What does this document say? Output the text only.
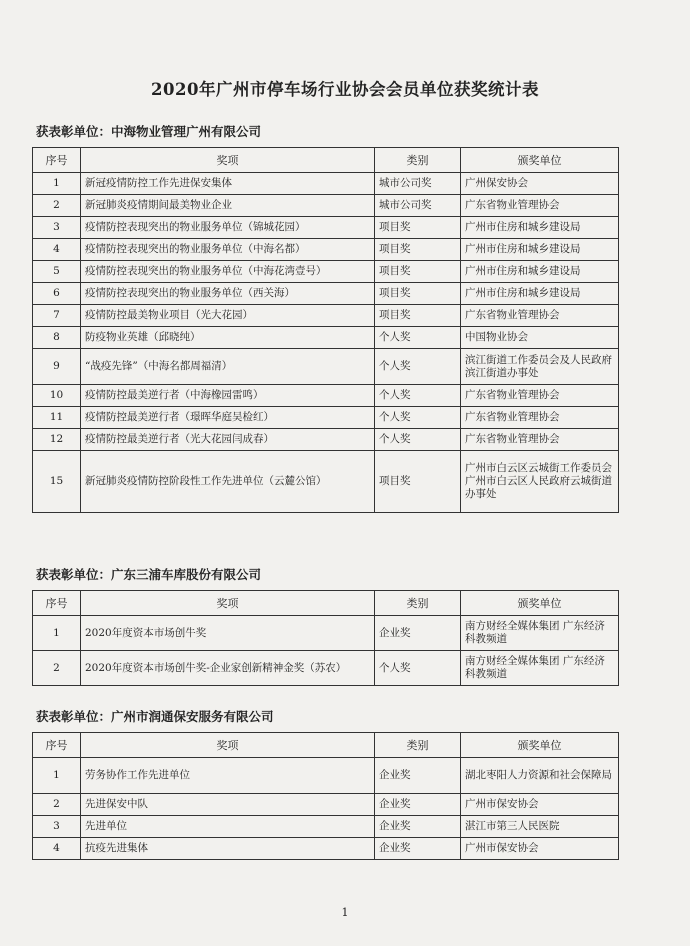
2020年广州市停车场行业协会会员单位获奖统计表
获表彰单位：中海物业管理广州有限公司
序号	奖项	类别	颁奖单位
1	新冠疫情防控工作先进保安集体	城市公司奖	广州保安协会
2	新冠肺炎疫情期间最美物业企业	城市公司奖	广东省物业管理协会
3	疫情防控表现突出的物业服务单位（锦城花园）	项目奖	广州市住房和城乡建设局
4	疫情防控表现突出的物业服务单位（中海名都）	项目奖	广州市住房和城乡建设局
5	疫情防控表现突出的物业服务单位（中海花湾壹号）	项目奖	广州市住房和城乡建设局
6	疫情防控表现突出的物业服务单位（西关海）	项目奖	广州市住房和城乡建设局
7	疫情防控最美物业项目（光大花园）	项目奖	广东省物业管理协会
8	防疫物业英雄（邱晓纯）	个人奖	中国物业协会
9	“战疫先锋”（中海名都周福清）	个人奖	滨江街道工作委员会及人民政府滨江街道办事处
10	疫情防控最美逆行者（中海橡园雷鸣）	个人奖	广东省物业管理协会
11	疫情防控最美逆行者（璟晖华庭吴检红）	个人奖	广东省物业管理协会
12	疫情防控最美逆行者（光大花园闫成春）	个人奖	广东省物业管理协会
15	新冠肺炎疫情防控阶段性工作先进单位（云麓公馆）	项目奖	广州市白云区云城街工作委员会广州市白云区人民政府云城街道办事处
获表彰单位：广东三浦车库股份有限公司
序号	奖项	类别	颁奖单位
1	2020年度资本市场创牛奖	企业奖	南方财经全媒体集团 广东经济科教频道
2	2020年度资本市场创牛奖-企业家创新精神金奖（苏农）	个人奖	南方财经全媒体集团 广东经济科教频道
获表彰单位：广州市润通保安服务有限公司
序号	奖项	类别	颁奖单位
1	劳务协作工作先进单位	企业奖	湖北枣阳人力资源和社会保障局
2	先进保安中队	企业奖	广州市保安协会
3	先进单位	企业奖	湛江市第三人民医院
4	抗疫先进集体	企业奖	广州市保安协会
1
